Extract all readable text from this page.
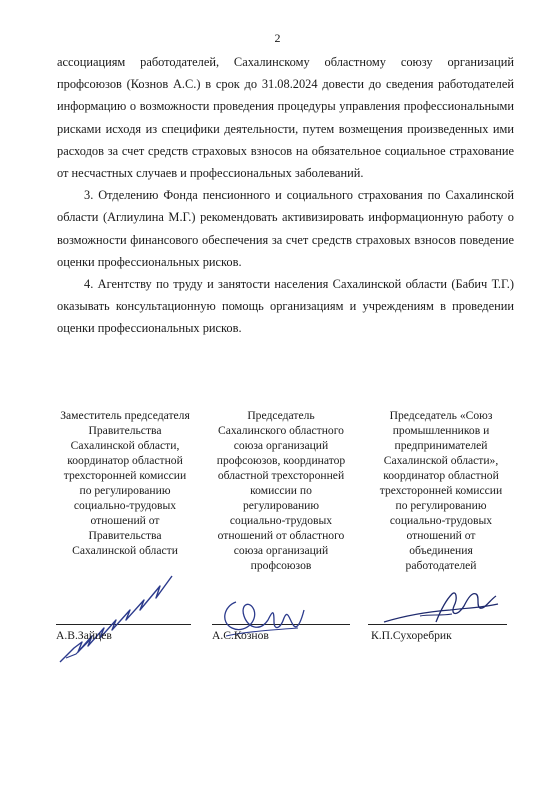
2

ассоциациям работодателей, Сахалинскому областному союзу организаций профсоюзов (Кознов А.С.) в срок до 31.08.2024 довести до сведения работодателей информацию о возможности проведения процедуры управления профессиональными рисками исходя из специфики деятельности, путем возмещения произведенных ими расходов за счет средств страховых взносов на обязательное социальное страхование от несчастных случаев и профессиональных заболеваний.

3. Отделению Фонда пенсионного и социального страхования по Сахалинской области (Аглиулина М.Г.) рекомендовать активизировать информационную работу о возможности финансового обеспечения за счет средств страховых взносов поведение оценки профессиональных рисков.

4. Агентству по труду и занятости населения Сахалинской области (Бабич Т.Г.) оказывать консультационную помощь организациям и учреждениям в проведении оценки профессиональных рисков.

Заместитель председателя
Правительства
Сахалинской области,
координатор областной
трехсторонней комиссии
по регулированию
социально-трудовых
отношений от
Правительства
Сахалинской области
Председатель
Сахалинского областного
союза организаций
профсоюзов, координатор
областной трехсторонней
комиссии по
регулированию
социально-трудовых
отношений от областного
союза организаций
профсоюзов
Председатель «Союз
промышленников и
предпринимателей
Сахалинской области»,
координатор областной
трехсторонней комиссии
по регулированию
социально-трудовых
отношений от
объединения
работодателей
А.В.Зайцев	А.С.Кознов	К.П.Сухоребрик
